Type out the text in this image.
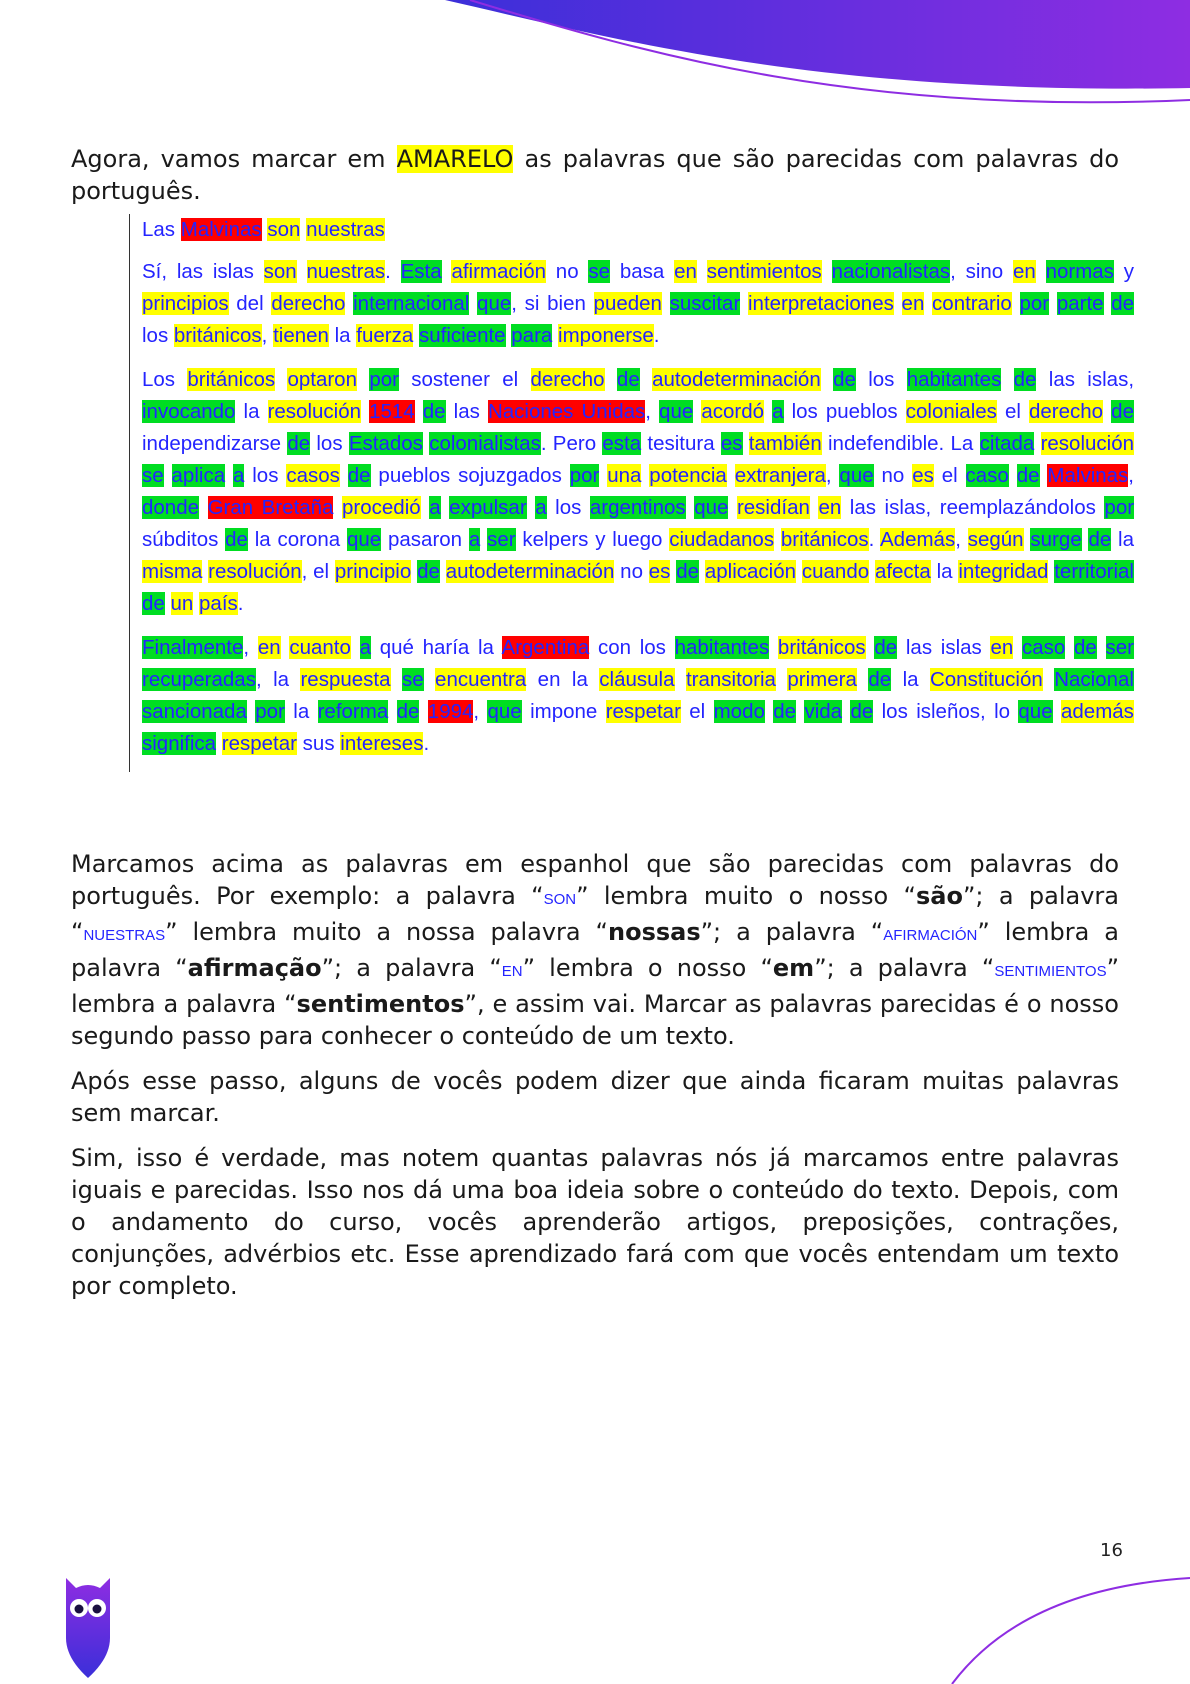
Agora, vamos marcar em AMARELO as palavras que são parecidas com palavras do português.

Las Malvinas son nuestras

Sí, las islas son nuestras. Esta afirmación no se basa en sentimientos nacionalistas, sino en normas y principios del derecho internacional que, si bien pueden suscitar interpretaciones en contrario por parte de los británicos, tienen la fuerza suficiente para imponerse.

Los británicos optaron por sostener el derecho de autodeterminación de los habitantes de las islas, invocando la resolución 1514 de las Naciones Unidas, que acordó a los pueblos coloniales el derecho de independizarse de los Estados colonialistas. Pero esta tesitura es también indefendible. La citada resolución se aplica a los casos de pueblos sojuzgados por una potencia extranjera, que no es el caso de Malvinas, donde Gran Bretaña procedió a expulsar a los argentinos que residían en las islas, reemplazándolos por súbditos de la corona que pasaron a ser kelpers y luego ciudadanos británicos. Además, según surge de la misma resolución, el principio de autodeterminación no es de aplicación cuando afecta la integridad territorial de un país.

Finalmente, en cuanto a qué haría la Argentina con los habitantes británicos de las islas en caso de ser recuperadas, la respuesta se encuentra en la cláusula transitoria primera de la Constitución Nacional sancionada por la reforma de 1994, que impone respetar el modo de vida de los isleños, lo que además significa respetar sus intereses.

Marcamos acima as palavras em espanhol que são parecidas com palavras do português. Por exemplo: a palavra “SON” lembra muito o nosso “são”; a palavra “NUESTRAS” lembra muito a nossa palavra “nossas”; a palavra “AFIRMACIÓN” lembra a palavra “afirmação”; a palavra “EN” lembra o nosso “em”; a palavra “SENTIMIENTOS” lembra a palavra “sentimentos”, e assim vai. Marcar as palavras parecidas é o nosso segundo passo para conhecer o conteúdo de um texto.

Após esse passo, alguns de vocês podem dizer que ainda ficaram muitas palavras sem marcar.

Sim, isso é verdade, mas notem quantas palavras nós já marcamos entre palavras iguais e parecidas. Isso nos dá uma boa ideia sobre o conteúdo do texto. Depois, com o andamento do curso, vocês aprenderão artigos, preposições, contrações, conjunções, advérbios etc. Esse aprendizado fará com que vocês entendam um texto por completo.

16
